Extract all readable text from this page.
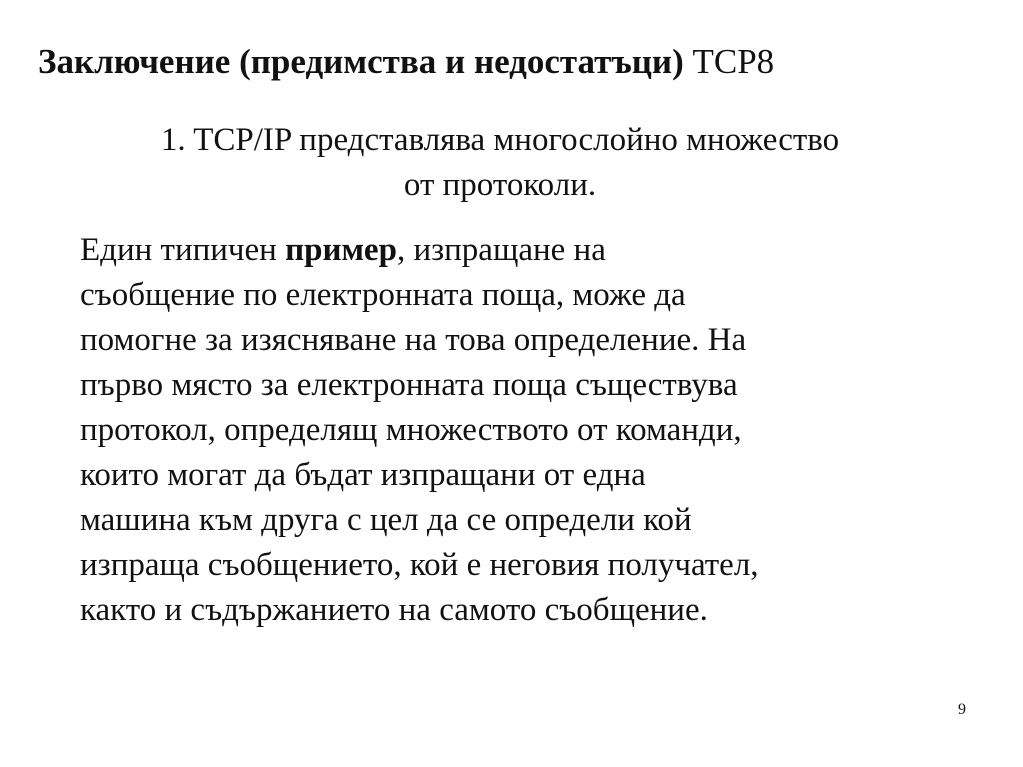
Заключение (предимства и недостатъци) TCP8
1. TCP/IP представлява многослойно множество
от протоколи.
Един типичен пример, изпращане на
съобщение по електронната поща, може да
помогне за изясняване на това определение. На
първо място за електронната поща съществува
протокол, определящ множеството от команди,
които могат да бъдат изпращани от една
машина към друга с цел да се определи кой
изпраща съобщението, кой е неговия получател,
както и съдържанието на самото съобщение.
9
